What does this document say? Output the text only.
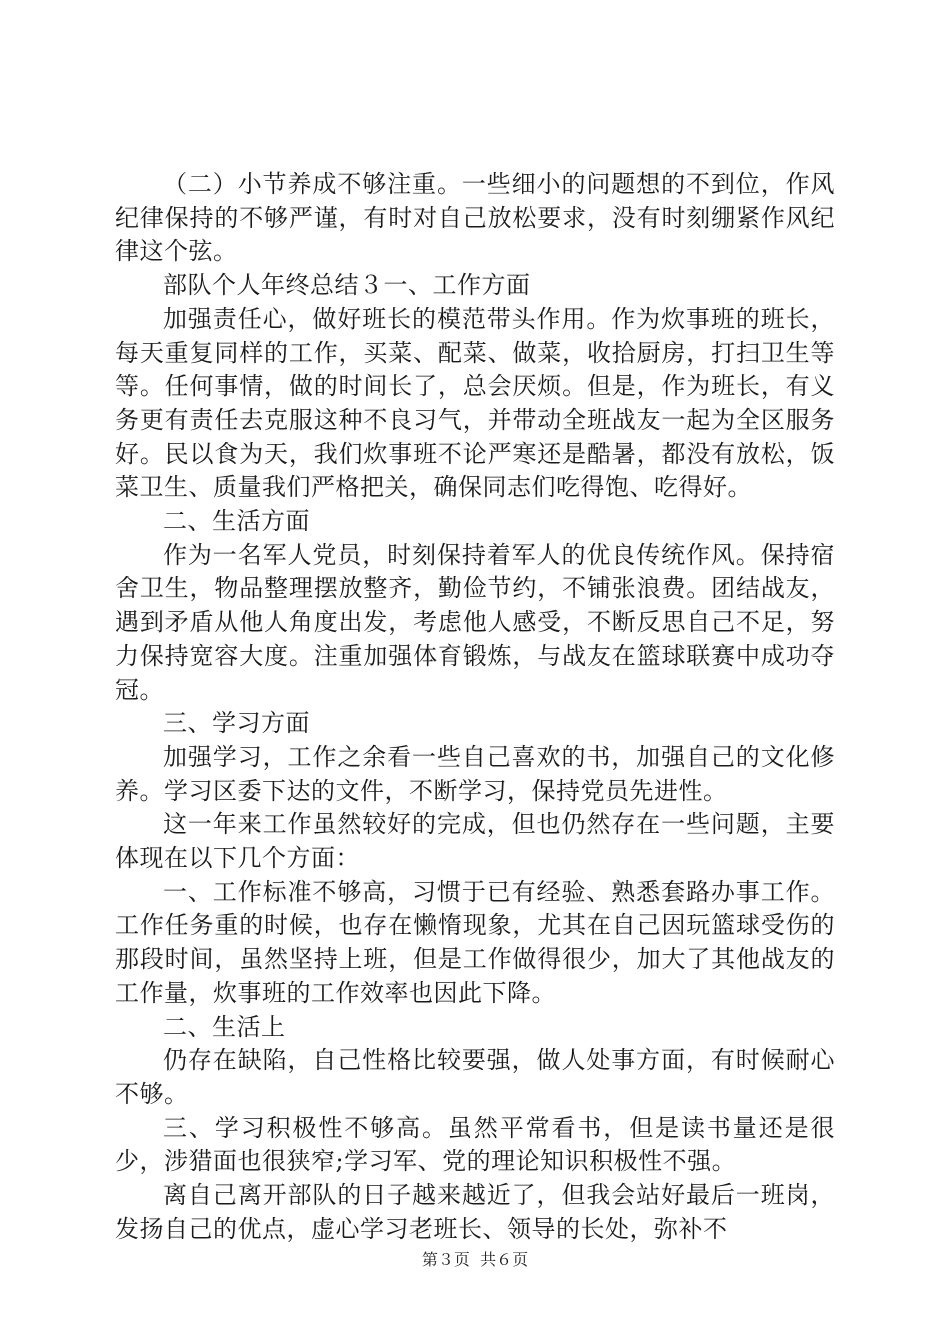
（二）小节养成不够注重。一些细小的问题想的不到位，作风纪律保持的不够严谨，有时对自己放松要求，没有时刻绷紧作风纪律这个弦。

部队个人年终总结３一、工作方面

加强责任心，做好班长的模范带头作用。作为炊事班的班长，每天重复同样的工作，买菜、配菜、做菜，收拾厨房，打扫卫生等等。任何事情，做的时间长了，总会厌烦。但是，作为班长，有义务更有责任去克服这种不良习气，并带动全班战友一起为全区服务好。民以食为天，我们炊事班不论严寒还是酷暑，都没有放松，饭菜卫生、质量我们严格把关，确保同志们吃得饱、吃得好。

二、生活方面

作为一名军人党员，时刻保持着军人的优良传统作风。保持宿舍卫生，物品整理摆放整齐，勤俭节约，不铺张浪费。团结战友，遇到矛盾从他人角度出发，考虑他人感受，不断反思自己不足，努力保持宽容大度。注重加强体育锻炼，与战友在篮球联赛中成功夺冠。

三、学习方面

加强学习，工作之余看一些自己喜欢的书，加强自己的文化修养。学习区委下达的文件，不断学习，保持党员先进性。

这一年来工作虽然较好的完成，但也仍然存在一些问题，主要体现在以下几个方面：

一、工作标准不够高，习惯于已有经验、熟悉套路办事工作。工作任务重的时候，也存在懒惰现象，尤其在自己因玩篮球受伤的那段时间，虽然坚持上班，但是工作做得很少，加大了其他战友的工作量，炊事班的工作效率也因此下降。

二、生活上

仍存在缺陷，自己性格比较要强，做人处事方面，有时候耐心不够。

三、学习积极性不够高。虽然平常看书，但是读书量还是很少，涉猎面也很狭窄;学习军、党的理论知识积极性不强。

离自己离开部队的日子越来越近了，但我会站好最后一班岗，发扬自己的优点，虚心学习老班长、领导的长处，弥补不

第３页 共６页
